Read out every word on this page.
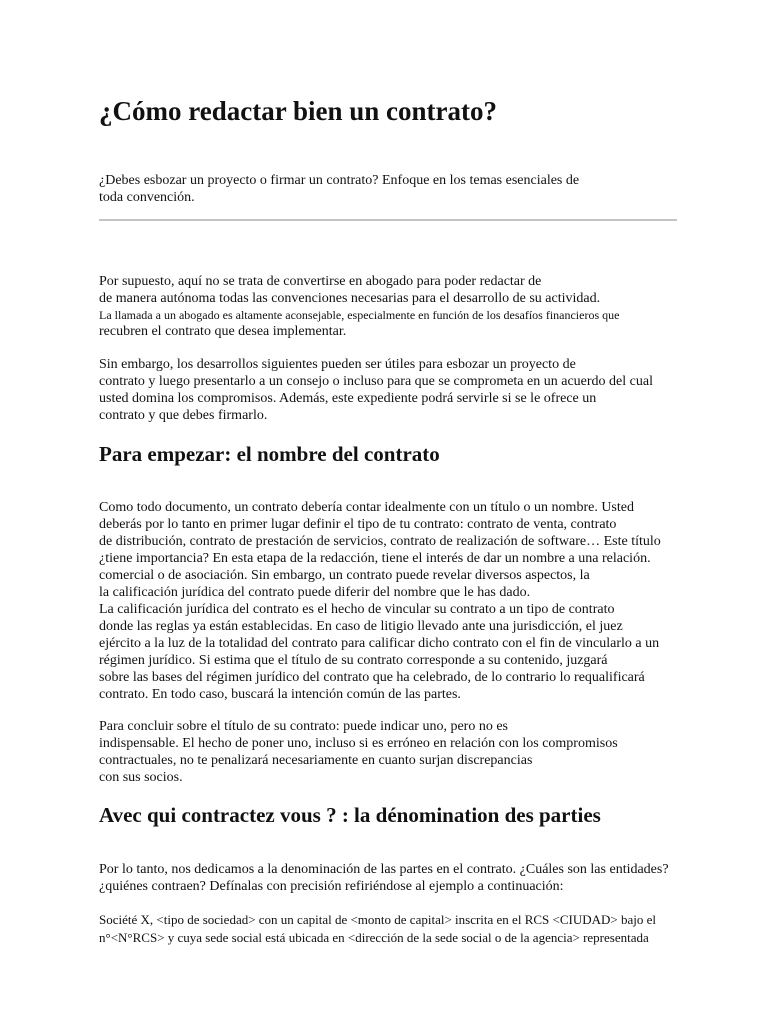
¿Cómo redactar bien un contrato?
¿Debes esbozar un proyecto o firmar un contrato? Enfoque en los temas esenciales de
toda convención.
Por supuesto, aquí no se trata de convertirse en abogado para poder redactar de
de manera autónoma todas las convenciones necesarias para el desarrollo de su actividad.
La llamada a un abogado es altamente aconsejable, especialmente en función de los desafíos financieros que
recubren el contrato que desea implementar.
Sin embargo, los desarrollos siguientes pueden ser útiles para esbozar un proyecto de
contrato y luego presentarlo a un consejo o incluso para que se comprometa en un acuerdo del cual
usted domina los compromisos. Además, este expediente podrá servirle si se le ofrece un
contrato y que debes firmarlo.
Para empezar: el nombre del contrato
Como todo documento, un contrato debería contar idealmente con un título o un nombre. Usted
deberás por lo tanto en primer lugar definir el tipo de tu contrato: contrato de venta, contrato
de distribución, contrato de prestación de servicios, contrato de realización de software… Este título
¿tiene importancia? En esta etapa de la redacción, tiene el interés de dar un nombre a una relación.
comercial o de asociación. Sin embargo, un contrato puede revelar diversos aspectos, la
la calificación jurídica del contrato puede diferir del nombre que le has dado.
La calificación jurídica del contrato es el hecho de vincular su contrato a un tipo de contrato
donde las reglas ya están establecidas. En caso de litigio llevado ante una jurisdicción, el juez
ejército a la luz de la totalidad del contrato para calificar dicho contrato con el fin de vincularlo a un
régimen jurídico. Si estima que el título de su contrato corresponde a su contenido, juzgará
sobre las bases del régimen jurídico del contrato que ha celebrado, de lo contrario lo requalificará
contrato. En todo caso, buscará la intención común de las partes.
Para concluir sobre el título de su contrato: puede indicar uno, pero no es
indispensable. El hecho de poner uno, incluso si es erróneo en relación con los compromisos
contractuales, no te penalizará necesariamente en cuanto surjan discrepancias
con sus socios.
Avec qui contractez vous ? : la dénomination des parties
Por lo tanto, nos dedicamos a la denominación de las partes en el contrato. ¿Cuáles son las entidades?
¿quiénes contraen? Defínalas con precisión refiriéndose al ejemplo a continuación:
Société X, <tipo de sociedad> con un capital de <monto de capital> inscrita en el RCS <CIUDAD> bajo el
n°<N°RCS> y cuya sede social está ubicada en <dirección de la sede social o de la agencia> representada
